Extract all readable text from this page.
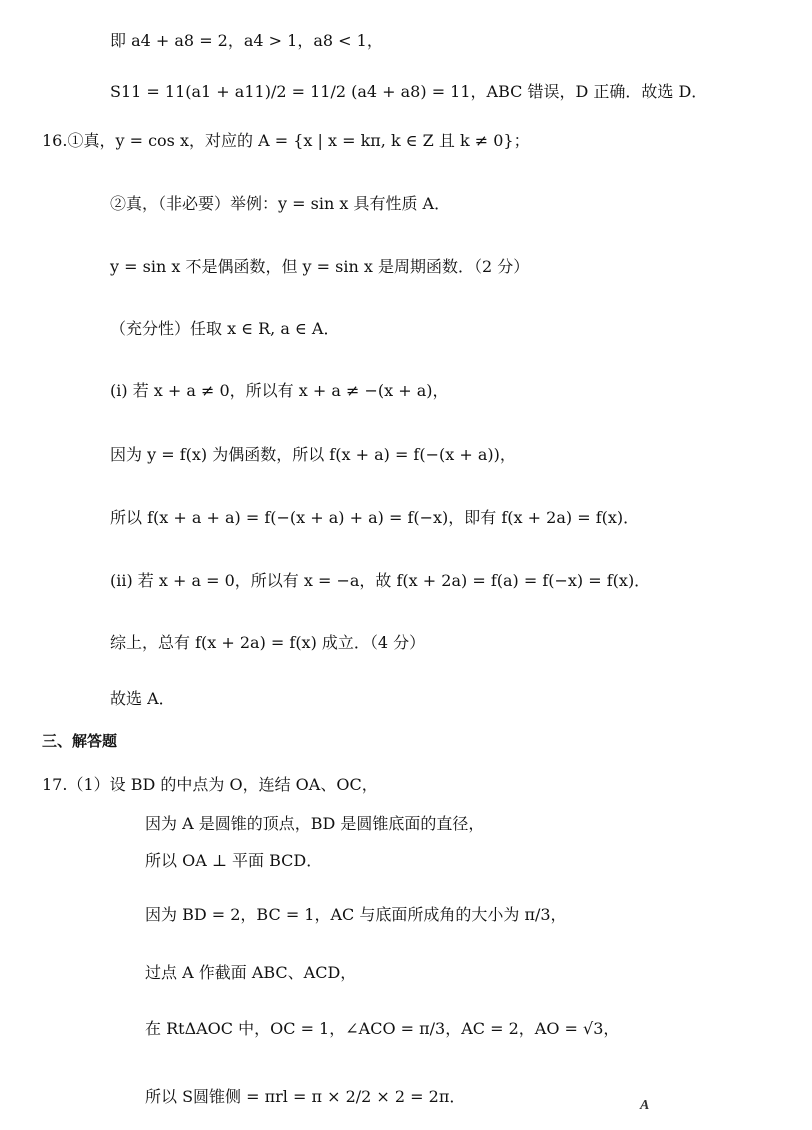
即 a4 + a8 = 2，a4 > 1，a8 < 1，
S11 = 11(a1 + a11)/2 = 11/2 (a4 + a8) = 11，ABC 错误，D 正确．故选 D．
16.①真，y = cos x，对应的 A = {x | x = kπ, k ∈ Z 且 k ≠ 0}；
②真，（非必要）举例：y = sin x 具有性质 A．
y = sin x 不是偶函数，但 y = sin x 是周期函数．（2 分）
（充分性）任取 x ∈ R, a ∈ A．
(i) 若 x + a ≠ 0，所以有 x + a ≠ −(x + a)，
因为 y = f(x) 为偶函数，所以 f(x + a) = f(−(x + a))，
所以 f(x + a + a) = f(−(x + a) + a) = f(−x)，即有 f(x + 2a) = f(x)．
(ii) 若 x + a = 0，所以有 x = −a，故 f(x + 2a) = f(a) = f(−x) = f(x)．
综上，总有 f(x + 2a) = f(x) 成立．（4 分）
故选 A．
三、解答题
17.（1）设 BD 的中点为 O，连结 OA、OC，
因为 A 是圆锥的顶点，BD 是圆锥底面的直径，
所以 OA ⊥ 平面 BCD．
因为 BD = 2，BC = 1，AC 与底面所成角的大小为 π/3，
过点 A 作截面 ABC、ACD，
在 RtΔAOC 中，OC = 1，∠ACO = π/3，AC = 2，AO = √3，
所以 S圆锥侧 = πrl = π × 2/2 × 2 = 2π．	A
